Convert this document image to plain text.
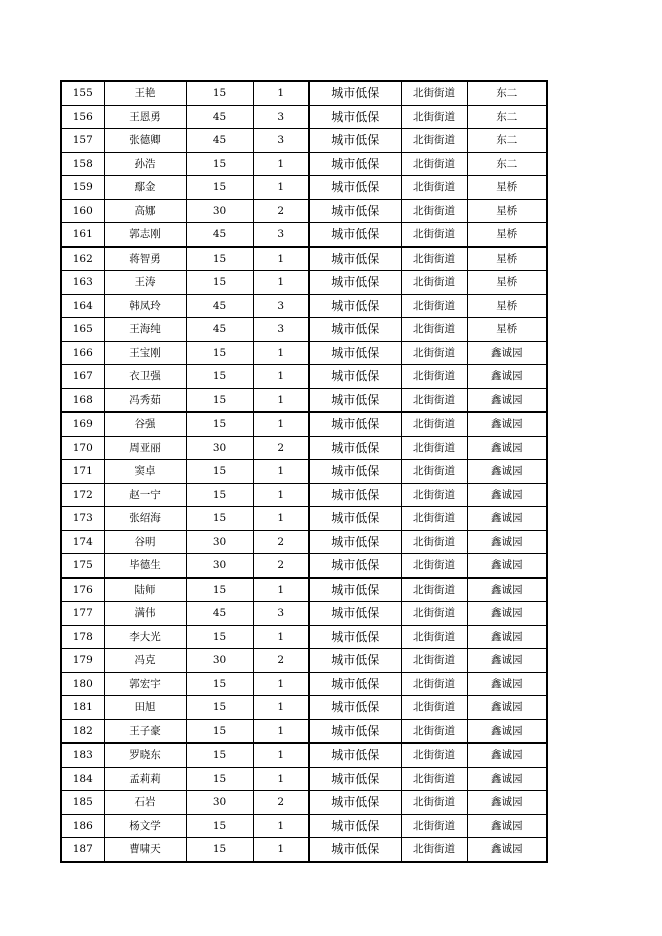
155	王艳	15	1	城市低保	北街街道	东二
156	王恩勇	45	3	城市低保	北街街道	东二
157	张德卿	45	3	城市低保	北街街道	东二
158	孙浩	15	1	城市低保	北街街道	东二
159	鄢金	15	1	城市低保	北街街道	星桥
160	高娜	30	2	城市低保	北街街道	星桥
161	郭志刚	45	3	城市低保	北街街道	星桥
162	蒋智勇	15	1	城市低保	北街街道	星桥
163	王涛	15	1	城市低保	北街街道	星桥
164	韩凤玲	45	3	城市低保	北街街道	星桥
165	王海纯	45	3	城市低保	北街街道	星桥
166	王宝刚	15	1	城市低保	北街街道	鑫诚园
167	衣卫强	15	1	城市低保	北街街道	鑫诚园
168	冯秀茹	15	1	城市低保	北街街道	鑫诚园
169	谷强	15	1	城市低保	北街街道	鑫诚园
170	周亚丽	30	2	城市低保	北街街道	鑫诚园
171	窦卓	15	1	城市低保	北街街道	鑫诚园
172	赵一宁	15	1	城市低保	北街街道	鑫诚园
173	张绍海	15	1	城市低保	北街街道	鑫诚园
174	谷明	30	2	城市低保	北街街道	鑫诚园
175	毕德生	30	2	城市低保	北街街道	鑫诚园
176	陆师	15	1	城市低保	北街街道	鑫诚园
177	满伟	45	3	城市低保	北街街道	鑫诚园
178	李大光	15	1	城市低保	北街街道	鑫诚园
179	冯克	30	2	城市低保	北街街道	鑫诚园
180	郭宏宇	15	1	城市低保	北街街道	鑫诚园
181	田旭	15	1	城市低保	北街街道	鑫诚园
182	王子豪	15	1	城市低保	北街街道	鑫诚园
183	罗晓东	15	1	城市低保	北街街道	鑫诚园
184	孟莉莉	15	1	城市低保	北街街道	鑫诚园
185	石岩	30	2	城市低保	北街街道	鑫诚园
186	杨文学	15	1	城市低保	北街街道	鑫诚园
187	曹啸天	15	1	城市低保	北街街道	鑫诚园
